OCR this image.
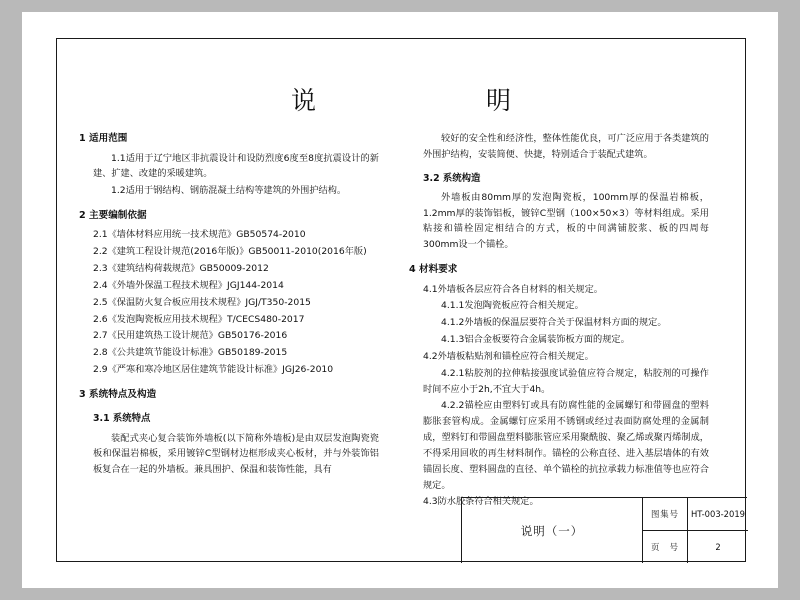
说　　明
1 适用范围
1.1适用于辽宁地区非抗震设计和设防烈度6度至8度抗震设计的新建、扩建、改建的采暖建筑。
1.2适用于钢结构、钢筋混凝土结构等建筑的外围护结构。
2 主要编制依据
2.1《墙体材料应用统一技术规范》GB50574-2010
2.2《建筑工程设计规范(2016年版)》GB50011-2010(2016年版)
2.3《建筑结构荷载规范》GB50009-2012
2.4《外墙外保温工程技术规程》JGJ144-2014
2.5《保温防火复合板应用技术规程》JGJ/T350-2015
2.6《发泡陶瓷板应用技术规程》T/CECS480-2017
2.7《民用建筑热工设计规范》GB50176-2016
2.8《公共建筑节能设计标准》GB50189-2015
2.9《严寒和寒冷地区居住建筑节能设计标准》JGJ26-2010
3 系统特点及构造
3.1 系统特点
装配式夹心复合装饰外墙板(以下简称外墙板)是由双层发泡陶瓷瓷板和保温岩棉板，采用镀锌C型钢材边框形成夹心板材，并与外装饰铝板复合在一起的外墙板。兼具围护、保温和装饰性能，具有
较好的安全性和经济性，整体性能优良，可广泛应用于各类建筑的外围护结构，安装简便、快捷，特别适合于装配式建筑。
3.2 系统构造
外墙板由80mm厚的发泡陶瓷板，100mm厚的保温岩棉板，1.2mm厚的装饰铝板，镀锌C型钢（100×50×3）等材料组成。采用粘接和锚栓固定相结合的方式，板的中间满铺胶浆、板的四周每300mm设一个锚栓。
4 材料要求
4.1外墙板各层应符合各自材料的相关规定。
4.1.1发泡陶瓷板应符合相关规定。
4.1.2外墙板的保温层要符合关于保温材料方面的规定。
4.1.3铝合金板要符合金属装饰板方面的规定。
4.2外墙板粘贴剂和锚栓应符合相关规定。
4.2.1粘胶剂的拉伸粘接强度试验值应符合规定，粘胶剂的可操作时间不应小于2h,不宜大于4h。
4.2.2锚栓应由塑料钉或具有防腐性能的金属螺钉和带圆盘的塑料膨胀套管构成。金属螺钉应采用不锈钢或经过表面防腐处理的金属制成，塑料钉和带圆盘塑料膨胀管应采用聚酰胺、聚乙烯或聚丙烯制成，不得采用回收的再生材料制作。锚栓的公称直径、进入基层墙体的有效锚固长度、塑料圆盘的直径、单个锚栓的抗拉承载力标准值等也应符合规定。
4.3防水胶条符合相关规定。
说明（一）
图集号	HT-003-2019
页　号	2
